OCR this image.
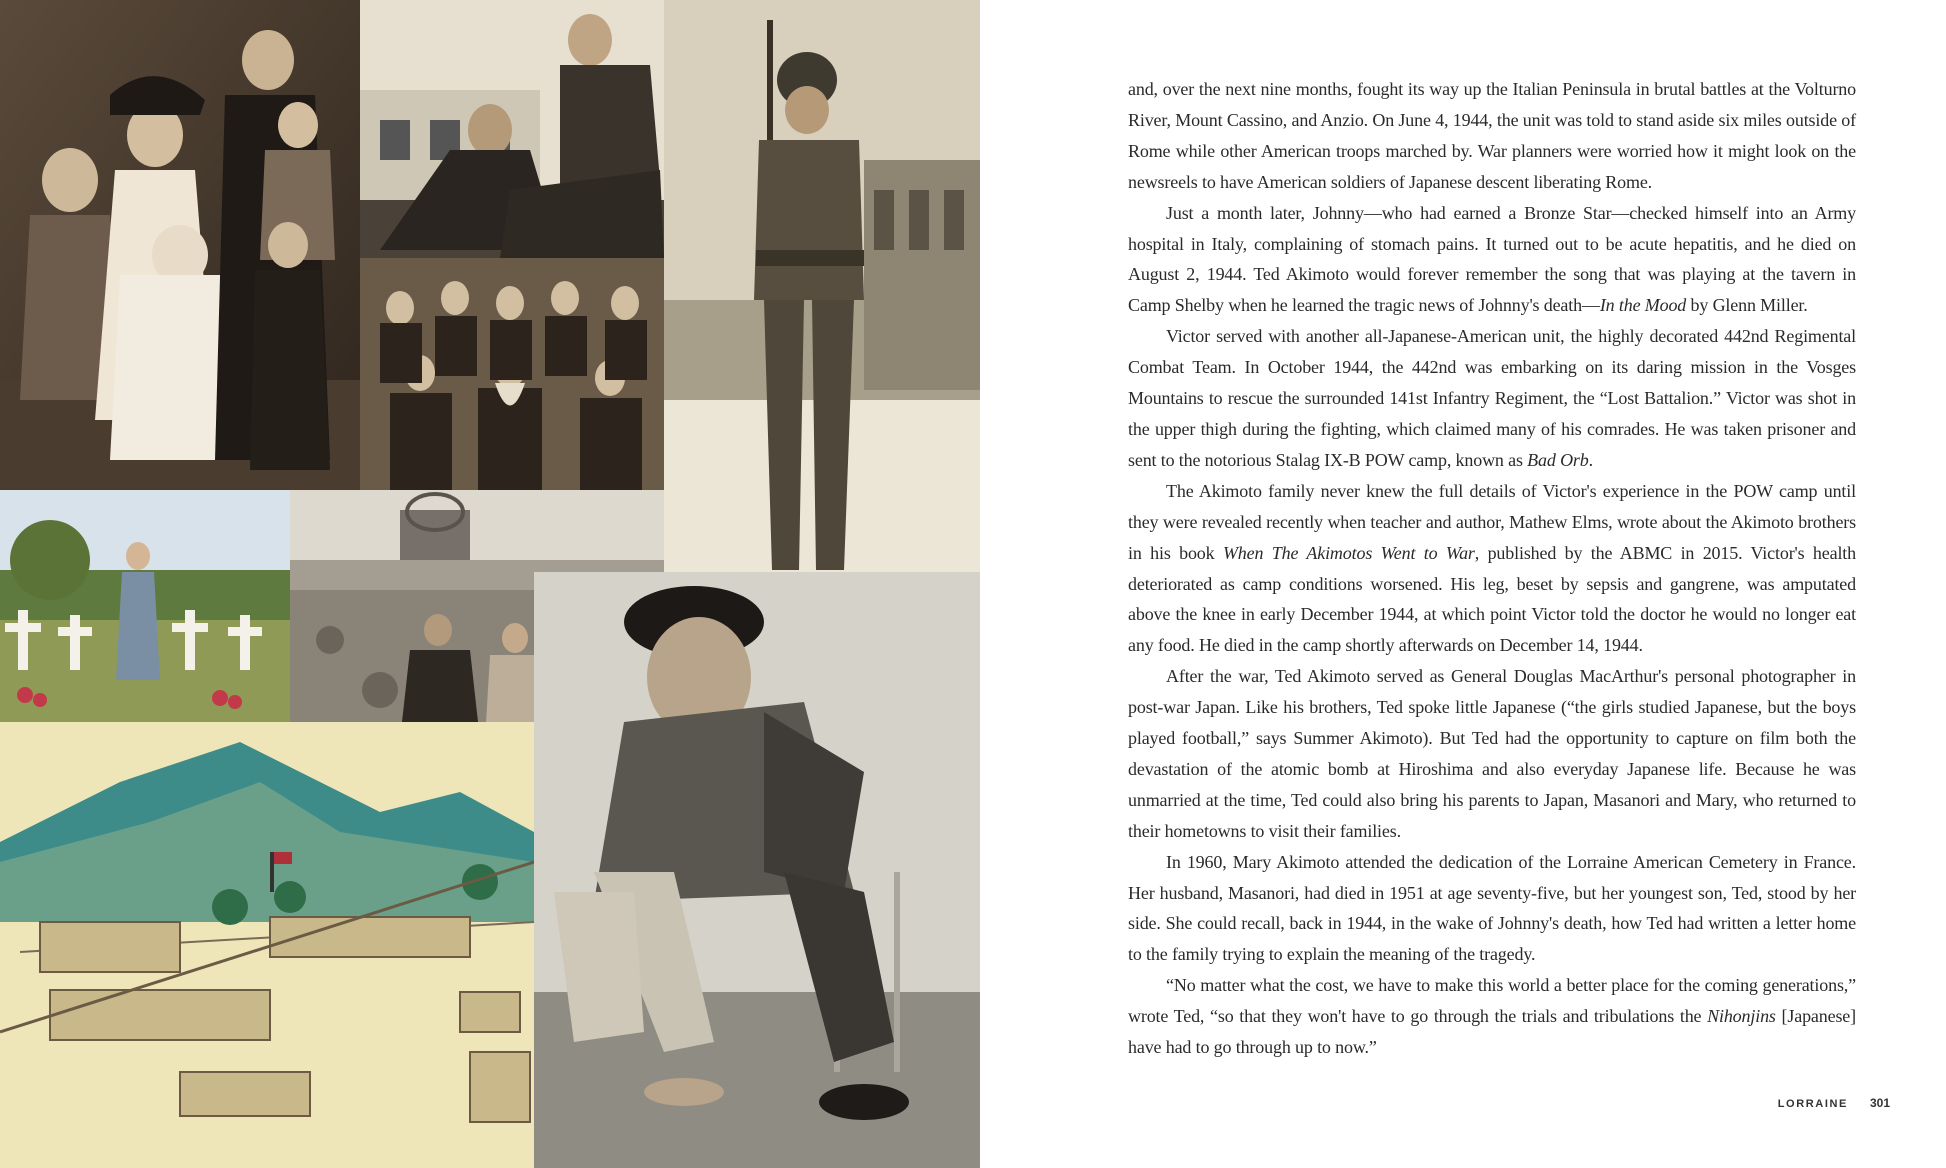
and, over the next nine months, fought its way up the Italian Peninsula in brutal battles at the Volturno River, Mount Cassino, and Anzio. On June 4, 1944, the unit was told to stand aside six miles outside of Rome while other American troops marched by. War planners were worried how it might look on the newsreels to have American soldiers of Japanese descent liberating Rome.

Just a month later, Johnny—who had earned a Bronze Star—checked himself into an Army hospital in Italy, complaining of stomach pains. It turned out to be acute hepatitis, and he died on August 2, 1944. Ted Akimoto would forever remember the song that was playing at the tavern in Camp Shelby when he learned the tragic news of Johnny's death—In the Mood by Glenn Miller.

Victor served with another all-Japanese-American unit, the highly decorated 442nd Regimental Combat Team. In October 1944, the 442nd was embarking on its daring mission in the Vosges Mountains to rescue the surrounded 141st Infantry Regiment, the “Lost Battalion.” Victor was shot in the upper thigh during the fighting, which claimed many of his comrades. He was taken prisoner and sent to the notorious Stalag IX-B POW camp, known as Bad Orb.

The Akimoto family never knew the full details of Victor's experience in the POW camp until they were revealed recently when teacher and author, Mathew Elms, wrote about the Akimoto brothers in his book When The Akimotos Went to War, published by the ABMC in 2015. Victor's health deteriorated as camp conditions worsened. His leg, beset by sepsis and gangrene, was amputated above the knee in early December 1944, at which point Victor told the doctor he would no longer eat any food. He died in the camp shortly afterwards on December 14, 1944.

After the war, Ted Akimoto served as General Douglas MacArthur's personal photographer in post-war Japan. Like his brothers, Ted spoke little Japanese (“the girls studied Japanese, but the boys played football,” says Summer Akimoto). But Ted had the opportunity to capture on film both the devastation of the atomic bomb at Hiroshima and also everyday Japanese life. Because he was unmarried at the time, Ted could also bring his parents to Japan, Masanori and Mary, who returned to their hometowns to visit their families.

In 1960, Mary Akimoto attended the dedication of the Lorraine American Cemetery in France. Her husband, Masanori, had died in 1951 at age seventy-five, but her youngest son, Ted, stood by her side. She could recall, back in 1944, in the wake of Johnny's death, how Ted had written a letter home to the family trying to explain the meaning of the tragedy.

“No matter what the cost, we have to make this world a better place for the coming generations,” wrote Ted, “so that they won't have to go through the trials and tribulations the Nihonjins [Japanese] have had to go through up to now.”

LORRAINE 301
